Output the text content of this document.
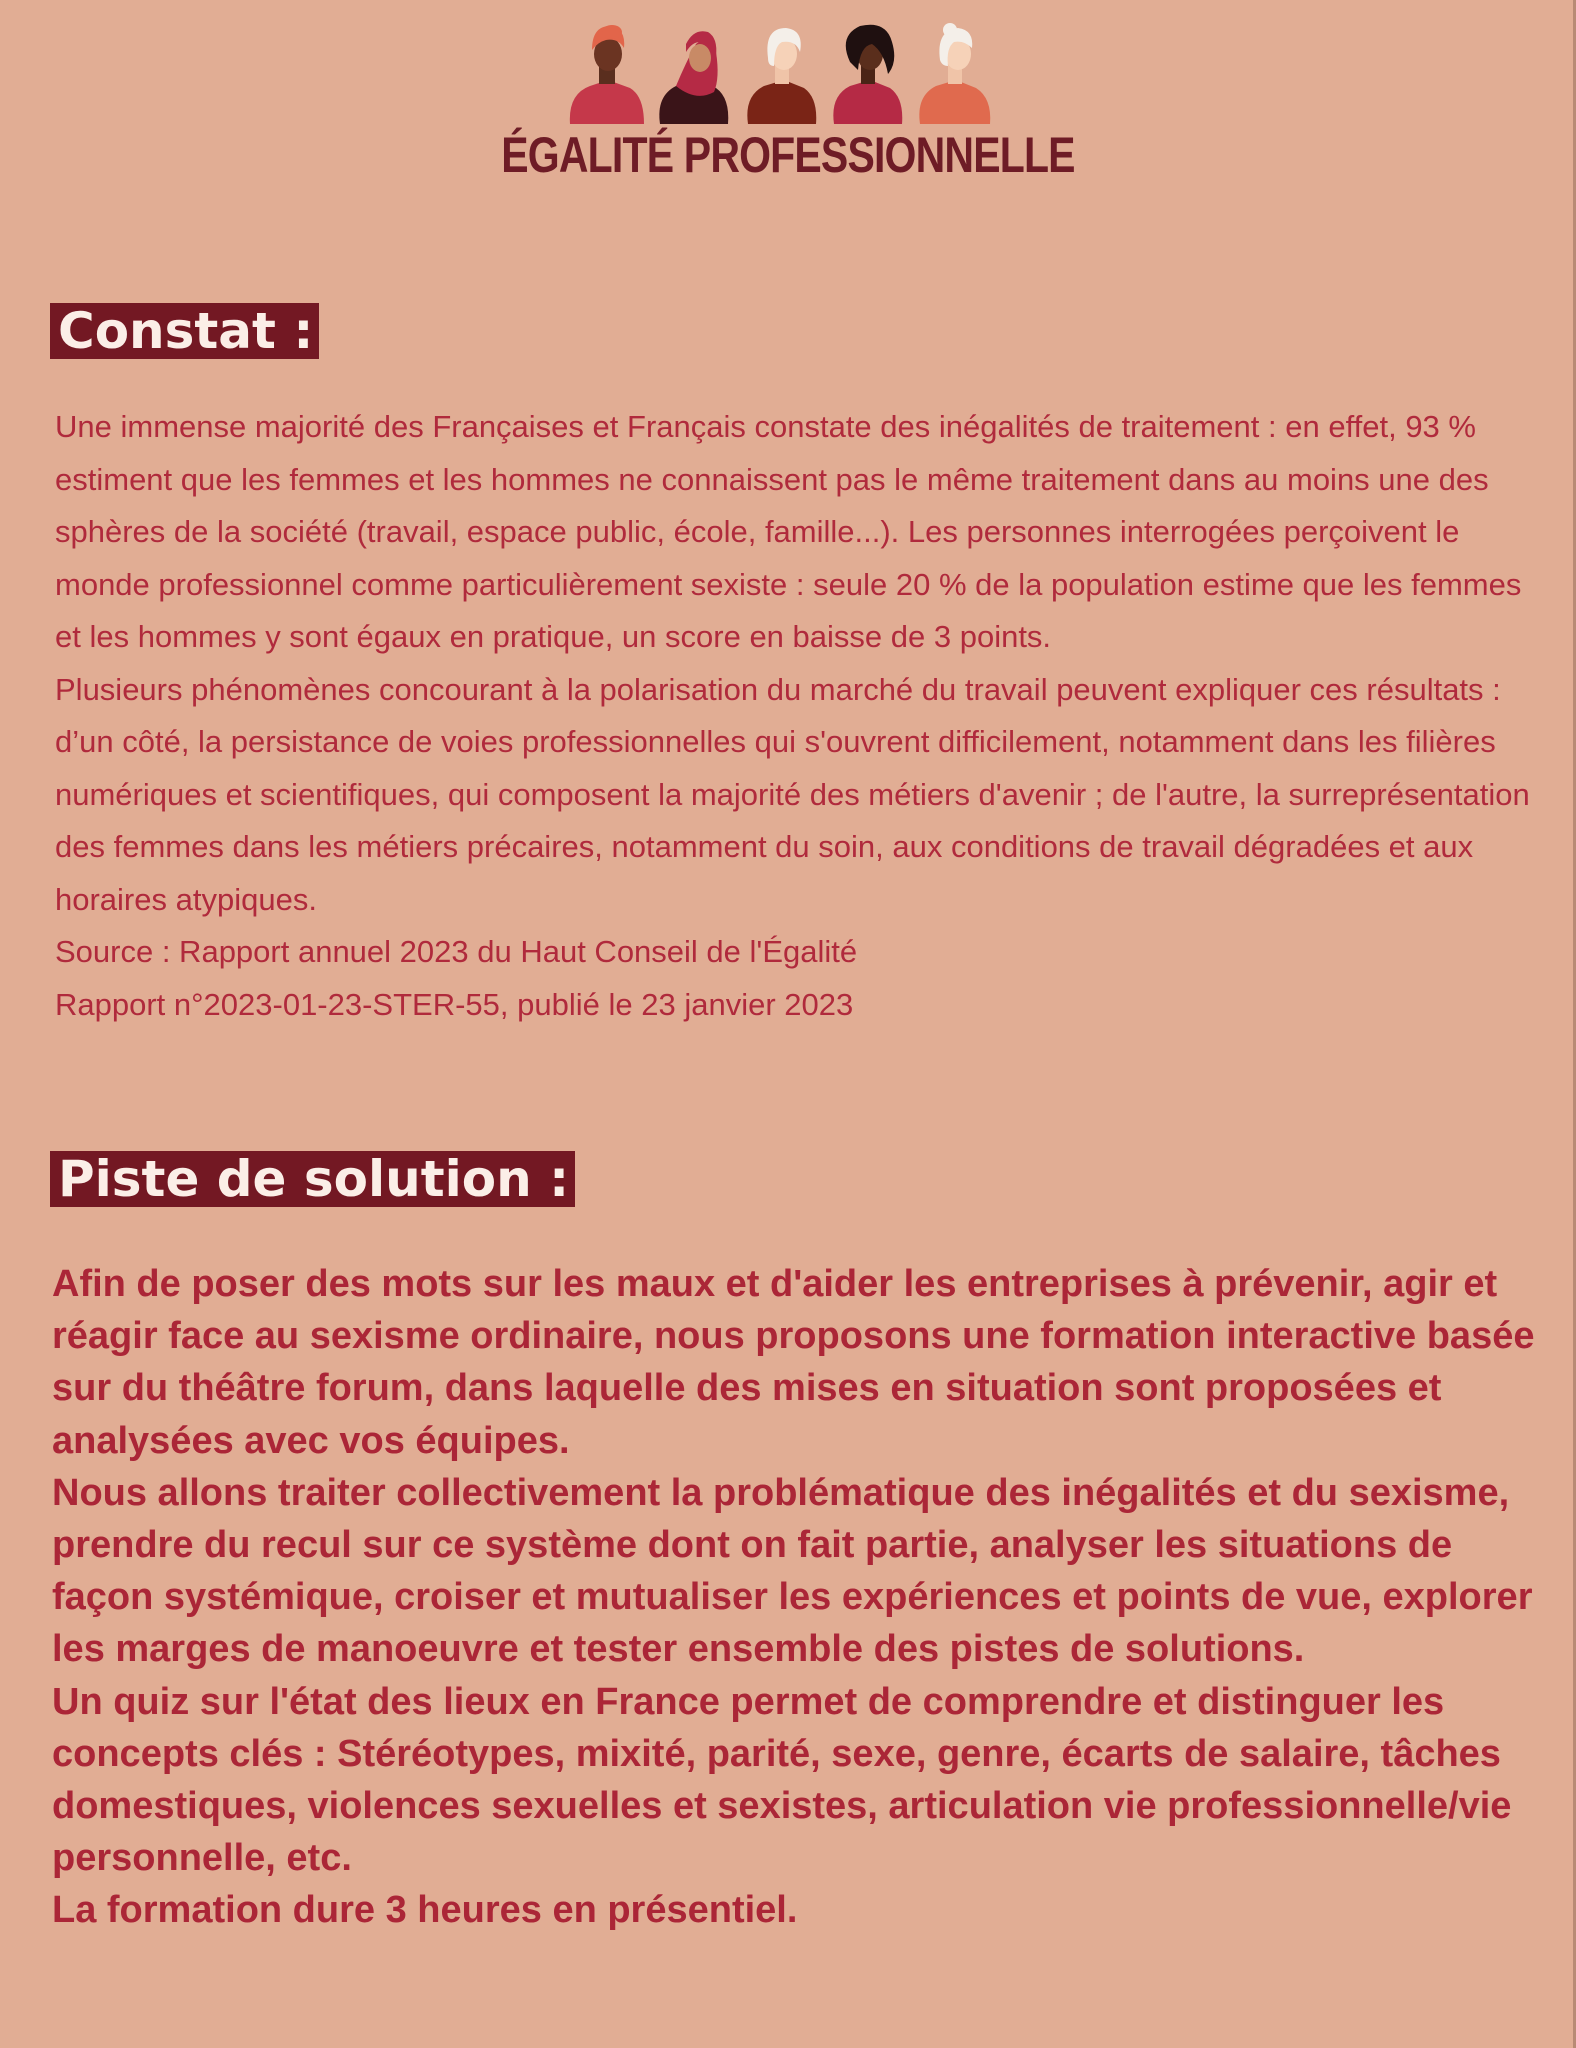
ÉGALITÉ PROFESSIONNELLE
Constat :

Une immense majorité des Françaises et Français constate des inégalités de traitement : en effet, 93 % estiment que les femmes et les hommes ne connaissent pas le même traitement dans au moins une des sphères de la société (travail, espace public, école, famille...). Les personnes interrogées perçoivent le monde professionnel comme particulièrement sexiste : seule 20 % de la population estime que les femmes et les hommes y sont égaux en pratique, un score en baisse de 3 points.

Plusieurs phénomènes concourant à la polarisation du marché du travail peuvent expliquer ces résultats : d’un côté, la persistance de voies professionnelles qui s'ouvrent difficilement, notamment dans les filières numériques et scientifiques, qui composent la majorité des métiers d'avenir ; de l'autre, la surreprésentation des femmes dans les métiers précaires, notamment du soin, aux conditions de travail dégradées et aux horaires atypiques.

Source : Rapport annuel 2023 du Haut Conseil de l'Égalité

Rapport n°2023-01-23-STER-55, publié le 23 janvier 2023

Piste de solution :

Afin de poser des mots sur les maux et d'aider les entreprises à prévenir, agir et réagir face au sexisme ordinaire, nous proposons une formation interactive basée sur du théâtre forum, dans laquelle des mises en situation sont proposées et analysées avec vos équipes.

Nous allons traiter collectivement la problématique des inégalités et du sexisme, prendre du recul sur ce système dont on fait partie, analyser les situations de façon systémique, croiser et mutualiser les expériences et points de vue, explorer les marges de manoeuvre et tester ensemble des pistes de solutions.

Un quiz sur l'état des lieux en France permet de comprendre et distinguer les concepts clés : Stéréotypes, mixité, parité, sexe, genre, écarts de salaire, tâches domestiques, violences sexuelles et sexistes, articulation vie professionnelle/vie personnelle, etc.

La formation dure 3 heures en présentiel.
